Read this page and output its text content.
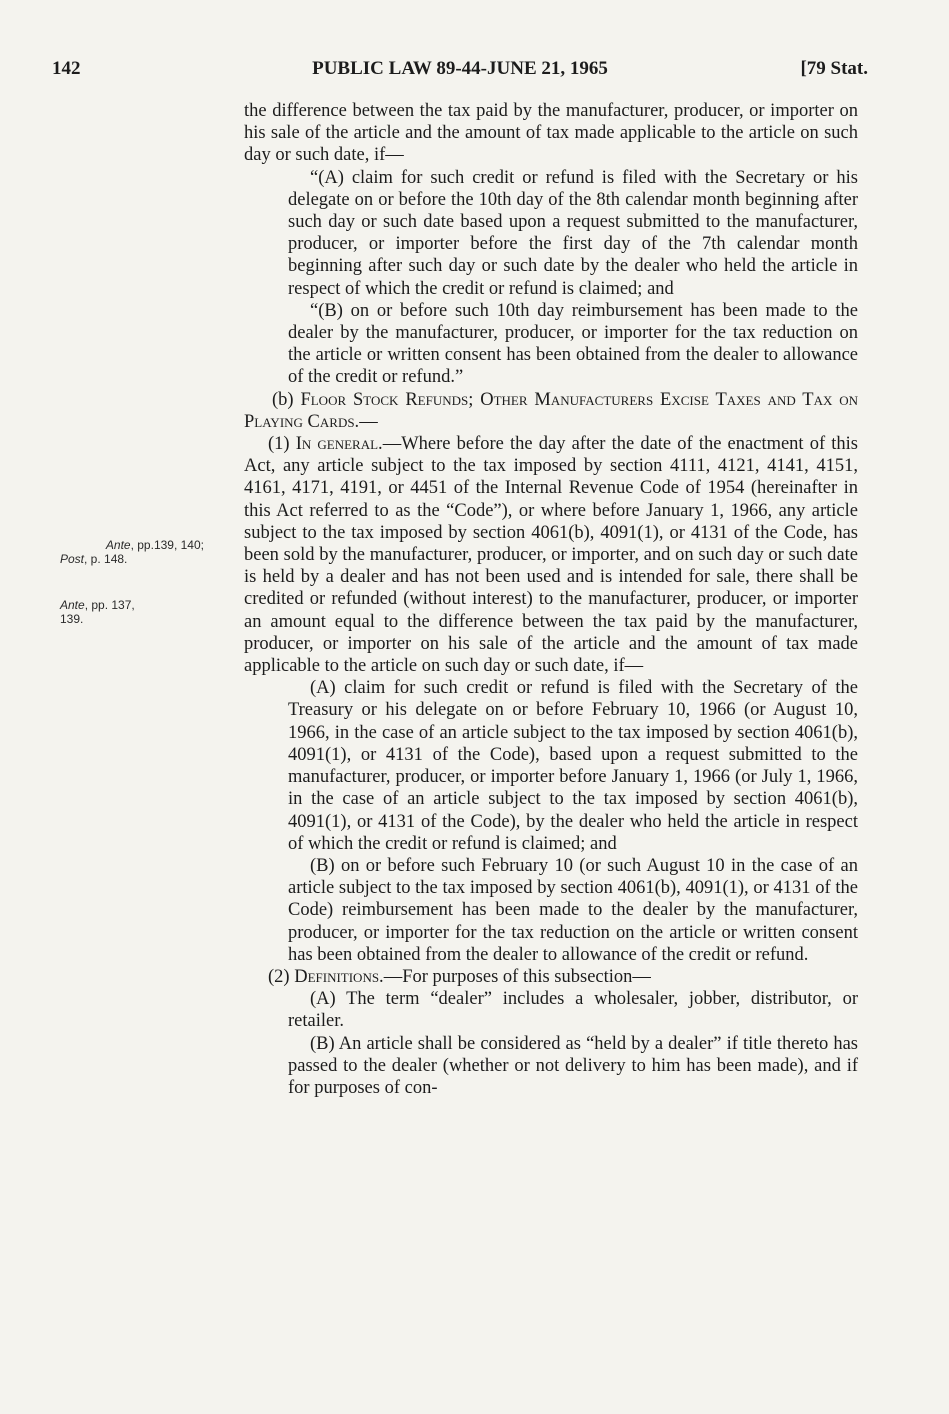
142	PUBLIC LAW 89-44-JUNE 21, 1965	[79 Stat.
Ante, pp.139, 140;
Post, p. 148.
Ante, pp. 137,
139.

the difference between the tax paid by the manufacturer, producer, or importer on his sale of the article and the amount of tax made applicable to the article on such day or such date, if—

“(A) claim for such credit or refund is filed with the Secretary or his delegate on or before the 10th day of the 8th calendar month beginning after such day or such date based upon a request submitted to the manufacturer, producer, or importer before the first day of the 7th calendar month beginning after such day or such date by the dealer who held the article in respect of which the credit or refund is claimed; and

“(B) on or before such 10th day reimbursement has been made to the dealer by the manufacturer, producer, or importer for the tax reduction on the article or written consent has been obtained from the dealer to allowance of the credit or refund.”

(b) Floor Stock Refunds; Other Manufacturers Excise Taxes and Tax on Playing Cards.—

(1) In general.—Where before the day after the date of the enactment of this Act, any article subject to the tax imposed by section 4111, 4121, 4141, 4151, 4161, 4171, 4191, or 4451 of the Internal Revenue Code of 1954 (hereinafter in this Act referred to as the “Code”), or where before January 1, 1966, any article subject to the tax imposed by section 4061(b), 4091(1), or 4131 of the Code, has been sold by the manufacturer, producer, or importer, and on such day or such date is held by a dealer and has not been used and is intended for sale, there shall be credited or refunded (without interest) to the manufacturer, producer, or importer an amount equal to the difference between the tax paid by the manufacturer, producer, or importer on his sale of the article and the amount of tax made applicable to the article on such day or such date, if—

(A) claim for such credit or refund is filed with the Secretary of the Treasury or his delegate on or before February 10, 1966 (or August 10, 1966, in the case of an article subject to the tax imposed by section 4061(b), 4091(1), or 4131 of the Code), based upon a request submitted to the manufacturer, producer, or importer before January 1, 1966 (or July 1, 1966, in the case of an article subject to the tax imposed by section 4061(b), 4091(1), or 4131 of the Code), by the dealer who held the article in respect of which the credit or refund is claimed; and

(B) on or before such February 10 (or such August 10 in the case of an article subject to the tax imposed by section 4061(b), 4091(1), or 4131 of the Code) reimbursement has been made to the dealer by the manufacturer, producer, or importer for the tax reduction on the article or written consent has been obtained from the dealer to allowance of the credit or refund.

(2) Definitions.—For purposes of this subsection—

(A) The term “dealer” includes a wholesaler, jobber, distributor, or retailer.

(B) An article shall be considered as “held by a dealer” if title thereto has passed to the dealer (whether or not delivery to him has been made), and if for purposes of con-
